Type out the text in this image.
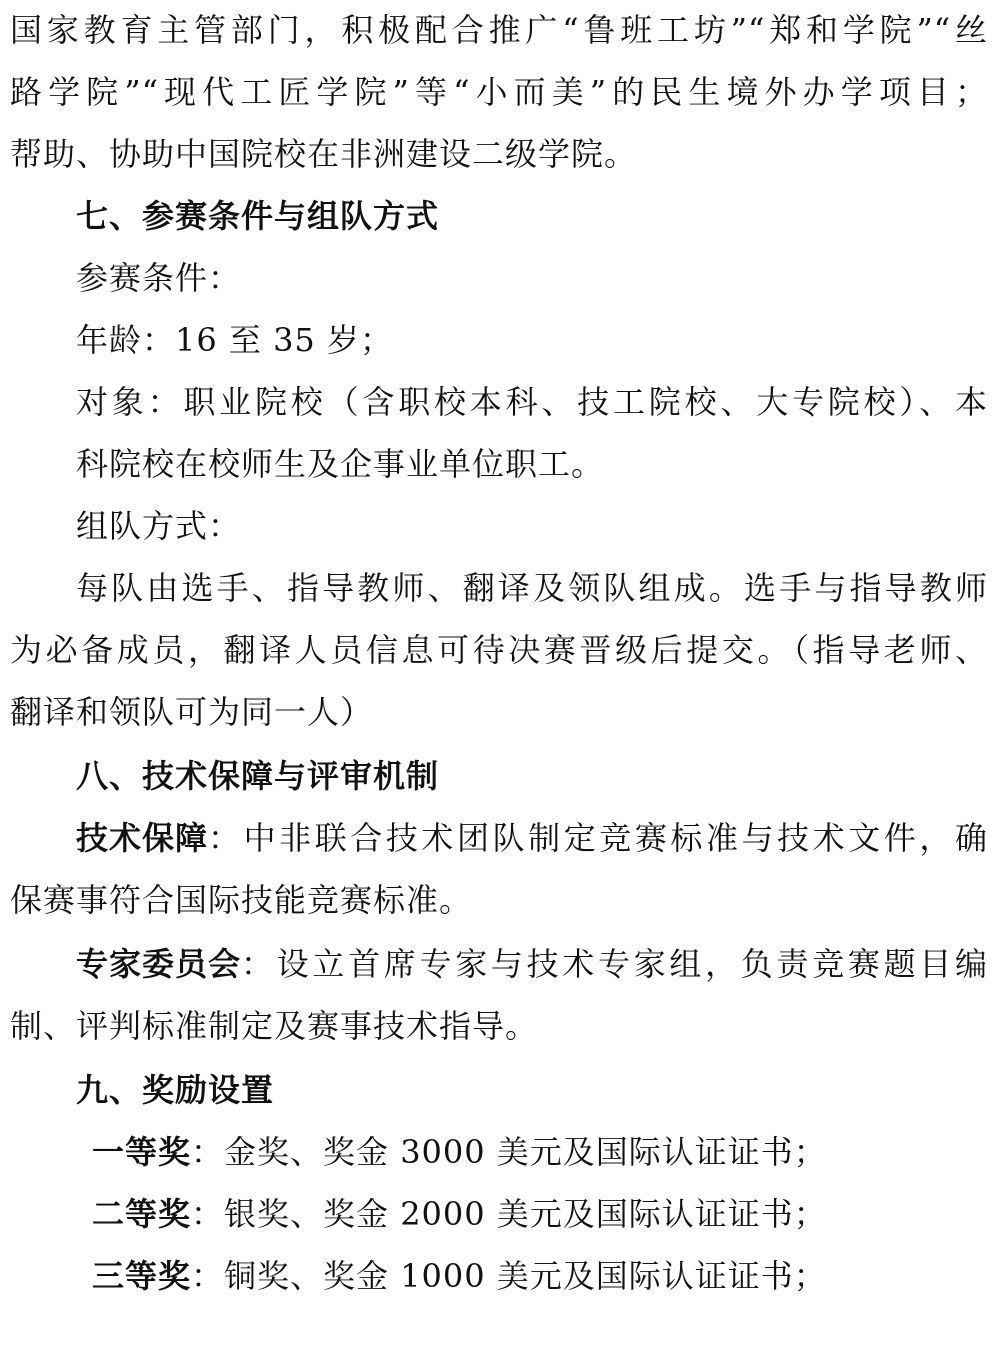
国家教育主管部门，积极配合推广“鲁班工坊”“郑和学院”“丝
路学院”“现代工匠学院”等“小而美”的民生境外办学项目；
帮助、协助中国院校在非洲建设二级学院。
七、参赛条件与组队方式
参赛条件：
年龄：16 至 35 岁；
对象：职业院校（含职校本科、技工院校、大专院校）、本
科院校在校师生及企事业单位职工。
组队方式：
每队由选手、指导教师、翻译及领队组成。选手与指导教师
为必备成员，翻译人员信息可待决赛晋级后提交。（指导老师、
翻译和领队可为同一人）
八、技术保障与评审机制
技术保障 ：中非联合技术团队制定竞赛标准与技术文件，确
保赛事符合国际技能竞赛标准。
专家委员会 ：设立首席专家与技术专家组，负责竞赛题目编
制、评判标准制定及赛事技术指导。
九、奖励设置
一等奖：金奖、奖金 3000 美元及国际认证证书；
二等奖：银奖、奖金 2000 美元及国际认证证书；
三等奖：铜奖、奖金 1000 美元及国际认证证书；
